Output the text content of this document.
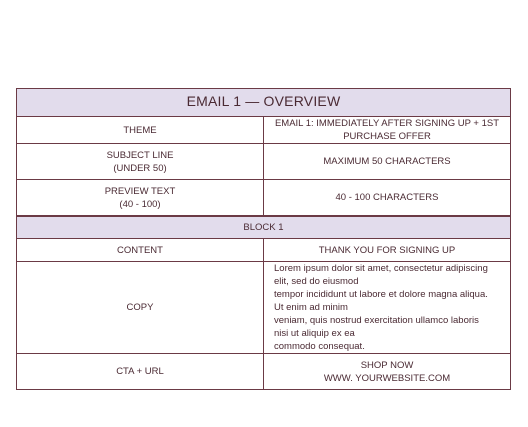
EMAIL 1 — OVERVIEW	

THEME	EMAIL 1: IMMEDIATELY AFTER SIGNING UP + 1ST PURCHASE OFFER

SUBJECT LINE
(UNDER 50)	MAXIMUM 50 CHARACTERS

PREVIEW TEXT
(40 - 100)	40 - 100 CHARACTERS
BLOCK 1	
CONTENT	THANK YOU FOR SIGNING UP
COPY	Lorem ipsum dolor sit amet, consectetur adipiscing elit, sed do eiusmod
tempor incididunt ut labore et dolore magna aliqua. Ut enim ad minim
veniam, quis nostrud exercitation ullamco laboris nisi ut aliquip ex ea
commodo consequat.

CTA + URL	SHOP NOW
WWW. YOURWEBSITE.COM
